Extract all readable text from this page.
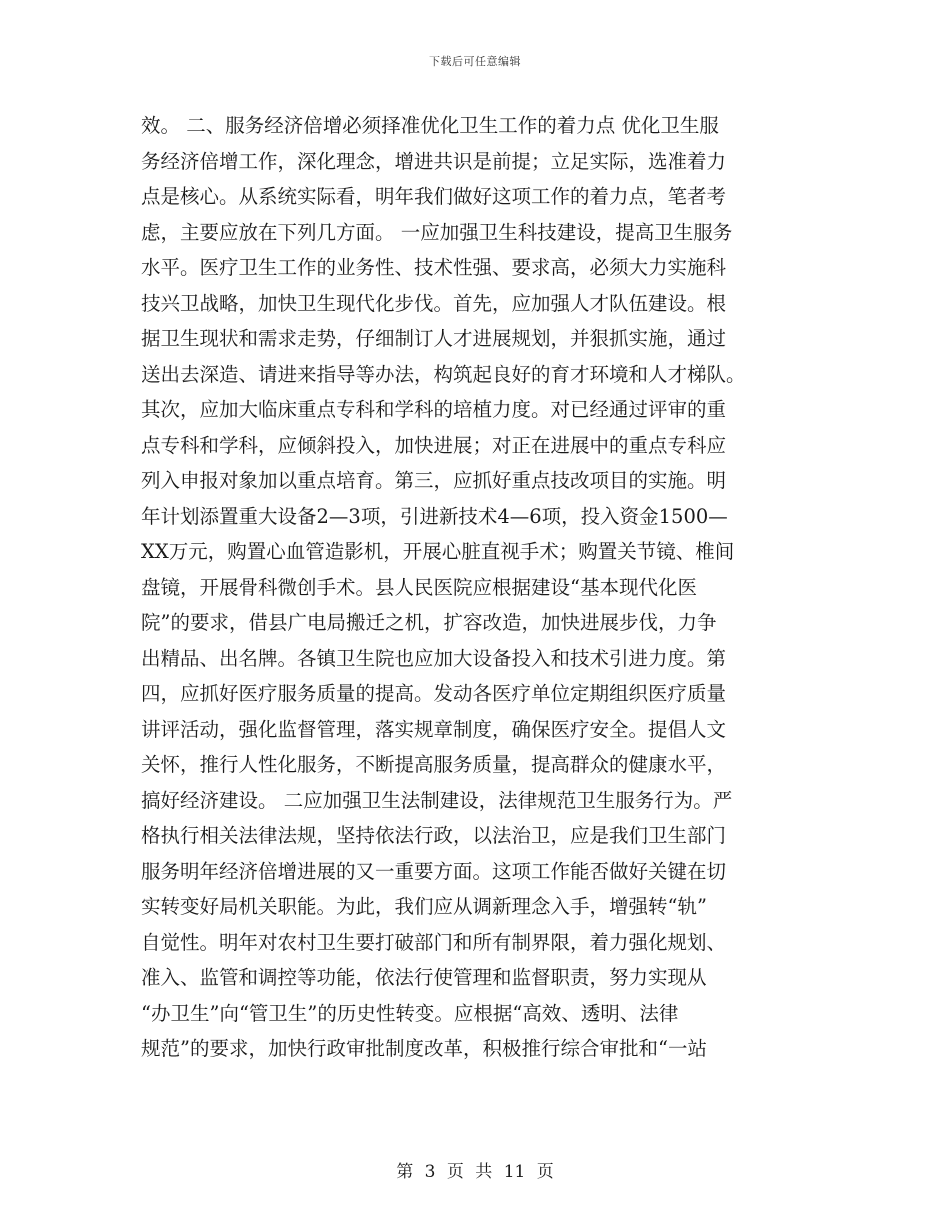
下载后可任意编辑
效。 二、服务经济倍增必须择准优化卫生工作的着力点 优化卫生服
务经济倍增工作，深化理念，增进共识是前提；立足实际，选准着力
点是核心。从系统实际看，明年我们做好这项工作的着力点，笔者考
虑，主要应放在下列几方面。 一应加强卫生科技建设，提高卫生服务
水平。医疗卫生工作的业务性、技术性强、要求高，必须大力实施科
技兴卫战略，加快卫生现代化步伐。首先，应加强人才队伍建设。根
据卫生现状和需求走势，仔细制订人才进展规划，并狠抓实施，通过
送出去深造、请进来指导等办法，构筑起良好的育才环境和人才梯队。
其次，应加大临床重点专科和学科的培植力度。对已经通过评审的重
点专科和学科，应倾斜投入，加快进展；对正在进展中的重点专科应
列入申报对象加以重点培育。第三，应抓好重点技改项目的实施。明
年计划添置重大设备2—3项，引进新技术4—6项，投入资金1500—
XX万元，购置心血管造影机，开展心脏直视手术；购置关节镜、椎间
盘镜，开展骨科微创手术。县人民医院应根据建设“基本现代化医
院”的要求，借县广电局搬迁之机，扩容改造，加快进展步伐，力争
出精品、出名牌。各镇卫生院也应加大设备投入和技术引进力度。第
四，应抓好医疗服务质量的提高。发动各医疗单位定期组织医疗质量
讲评活动，强化监督管理，落实规章制度，确保医疗安全。提倡人文
关怀，推行人性化服务，不断提高服务质量，提高群众的健康水平，
搞好经济建设。 二应加强卫生法制建设，法律规范卫生服务行为。严
格执行相关法律法规，坚持依法行政，以法治卫，应是我们卫生部门
服务明年经济倍增进展的又一重要方面。这项工作能否做好关键在切
实转变好局机关职能。为此，我们应从调新理念入手，增强转“轨”
自觉性。明年对农村卫生要打破部门和所有制界限，着力强化规划、
准入、监管和调控等功能，依法行使管理和监督职责，努力实现从
“办卫生”向“管卫生”的历史性转变。应根据“高效、透明、法律
规范”的要求，加快行政审批制度改革，积极推行综合审批和“一站
第 3 页 共 11 页
